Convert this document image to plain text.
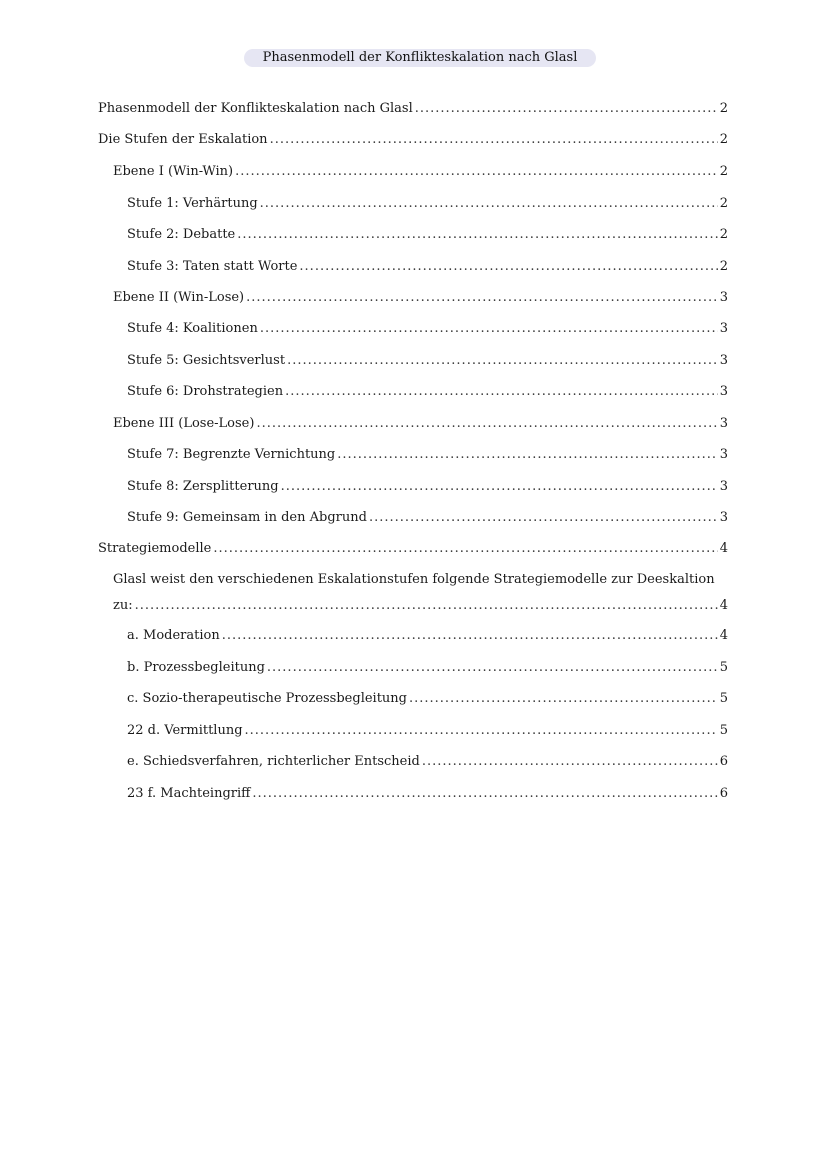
Phasenmodell der Konflikteskalation nach Glasl
Phasenmodell der Konflikteskalation nach Glasl .....	2
Die Stufen der Eskalation .....	2
Ebene I (Win-Win) .....	2
Stufe 1: Verhärtung .....	2
Stufe 2: Debatte .....	2
Stufe 3: Taten statt Worte .....	2
Ebene II (Win-Lose) .....	3
Stufe 4: Koalitionen .....	3
Stufe 5: Gesichtsverlust .....	3
Stufe 6: Drohstrategien .....	3
Ebene III (Lose-Lose) .....	3
Stufe 7: Begrenzte Vernichtung .....	3
Stufe 8: Zersplitterung .....	3
Stufe 9: Gemeinsam in den Abgrund .....	3
Strategiemodelle .....	4
Glasl weist den verschiedenen Eskalationstufen folgende Strategiemodelle zur Deeskaltion
zu: .....	4
a. Moderation .....	4
b. Prozessbegleitung .....	5
c. Sozio-therapeutische Prozessbegleitung .....	5
22 d. Vermittlung .....	5
e. Schiedsverfahren, richterlicher Entscheid .....	6
23 f. Machteingriff .....	6
